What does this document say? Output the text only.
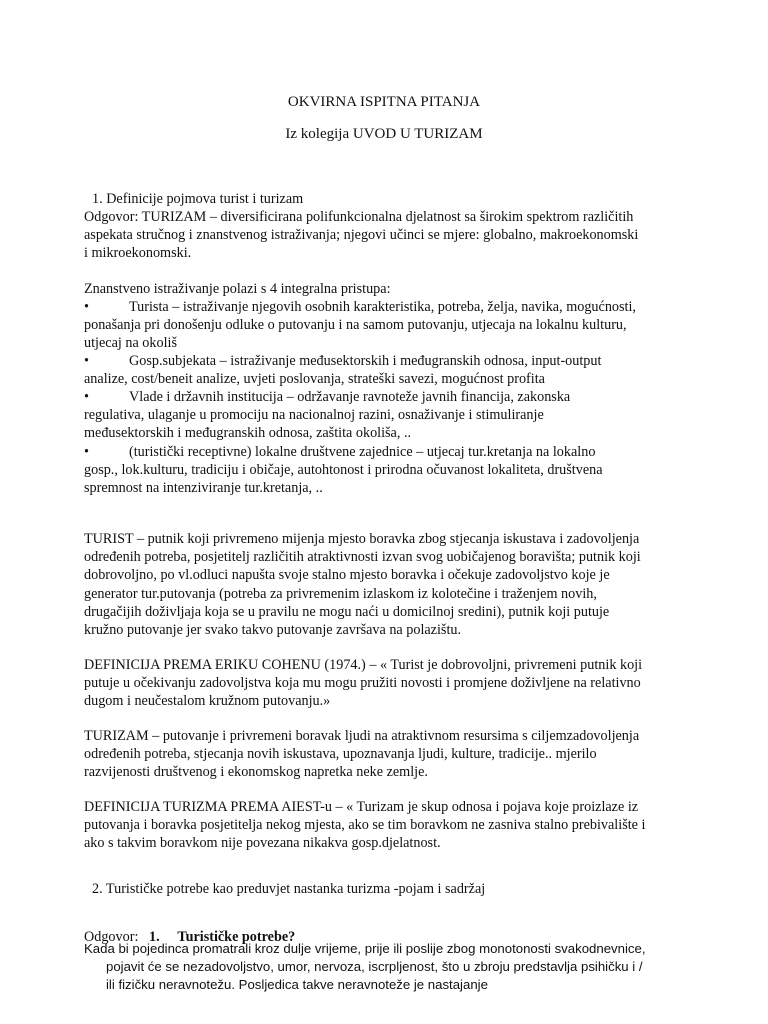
OKVIRNA ISPITNA PITANJA
Iz kolegija UVOD U TURIZAM
1. Definicije pojmova turist i turizam
Odgovor: TURIZAM – diversificirana polifunkcionalna djelatnost sa širokim spektrom različitih aspekata stručnog i znanstvenog istraživanja; njegovi učinci se mjere: globalno, makroekonomski i mikroekonomski.
Znanstveno istraživanje polazi s 4 integralna pristupa:
•	Turista – istraživanje njegovih osobnih karakteristika, potreba, želja, navika, mogućnosti, ponašanja pri donošenju odluke o putovanju i na samom putovanju, utjecaja na lokalnu kulturu, utjecaj na okoliš
•	Gosp.subjekata – istraživanje međusektorskih i međugranskih odnosa, input-output analize, cost/beneit analize, uvjeti poslovanja, strateški savezi, mogućnost profita
•	Vlade i državnih institucija – održavanje ravnoteže javnih financija, zakonska regulativa, ulaganje u promociju na nacionalnoj razini, osnaživanje i stimuliranje međusektorskih i međugranskih odnosa, zaštita okoliša, ..
•	(turistički receptivne) lokalne društvene zajednice – utjecaj tur.kretanja na lokalno gosp., lok.kulturu, tradiciju i običaje, autohtonost i prirodna očuvanost lokaliteta, društvena spremnost na intenziviranje tur.kretanja, ..
TURIST – putnik koji privremeno mijenja mjesto boravka zbog stjecanja iskustava i zadovoljenja određenih potreba, posjetitelj različitih atraktivnosti izvan svog uobičajenog boravišta; putnik koji dobrovoljno, po vl.odluci napušta svoje stalno mjesto boravka i očekuje zadovoljstvo koje je generator tur.putovanja (potreba za privremenim izlaskom iz kolotečine i traženjem novih, drugačijih doživljaja koja se u pravilu ne mogu naći u domicilnoj sredini), putnik koji putuje kružno putovanje jer svako takvo putovanje završava na polazištu.
DEFINICIJA PREMA ERIKU COHENU (1974.) – « Turist je dobrovoljni, privremeni putnik koji putuje u očekivanju zadovoljstva koja mu mogu pružiti novosti i promjene doživljene na relativno dugom i neučestalom kružnom putovanju.»
TURIZAM – putovanje i privremeni boravak ljudi na atraktivnom resursima s ciljemzadovoljenja određenih potreba, stjecanja novih iskustava, upoznavanja ljudi, kulture, tradicije.. mjerilo razvijenosti društvenog i ekonomskog napretka neke zemlje.
DEFINICIJA TURIZMA PREMA AIEST-u – « Turizam je skup odnosa i pojava koje proizlaze iz putovanja i boravka posjetitelja nekog mjesta, ako se tim boravkom ne zasniva stalno prebivalište i ako s takvim boravkom nije povezana nikakva gosp.djelatnost.
2. Turističke potrebe kao preduvjet nastanka turizma -pojam i sadržaj

Odgovor: 1. Turističke potrebe?

Kada bi pojedinca promatrali kroz dulje vrijeme, prije ili poslije zbog monotonosti svakodnevnice, pojavit će se nezadovoljstvo, umor, nervoza, iscrpljenost, što u zbroju predstavlja psihičku i / ili fizičku neravnotežu. Posljedica takve neravnoteže je nastajanje
